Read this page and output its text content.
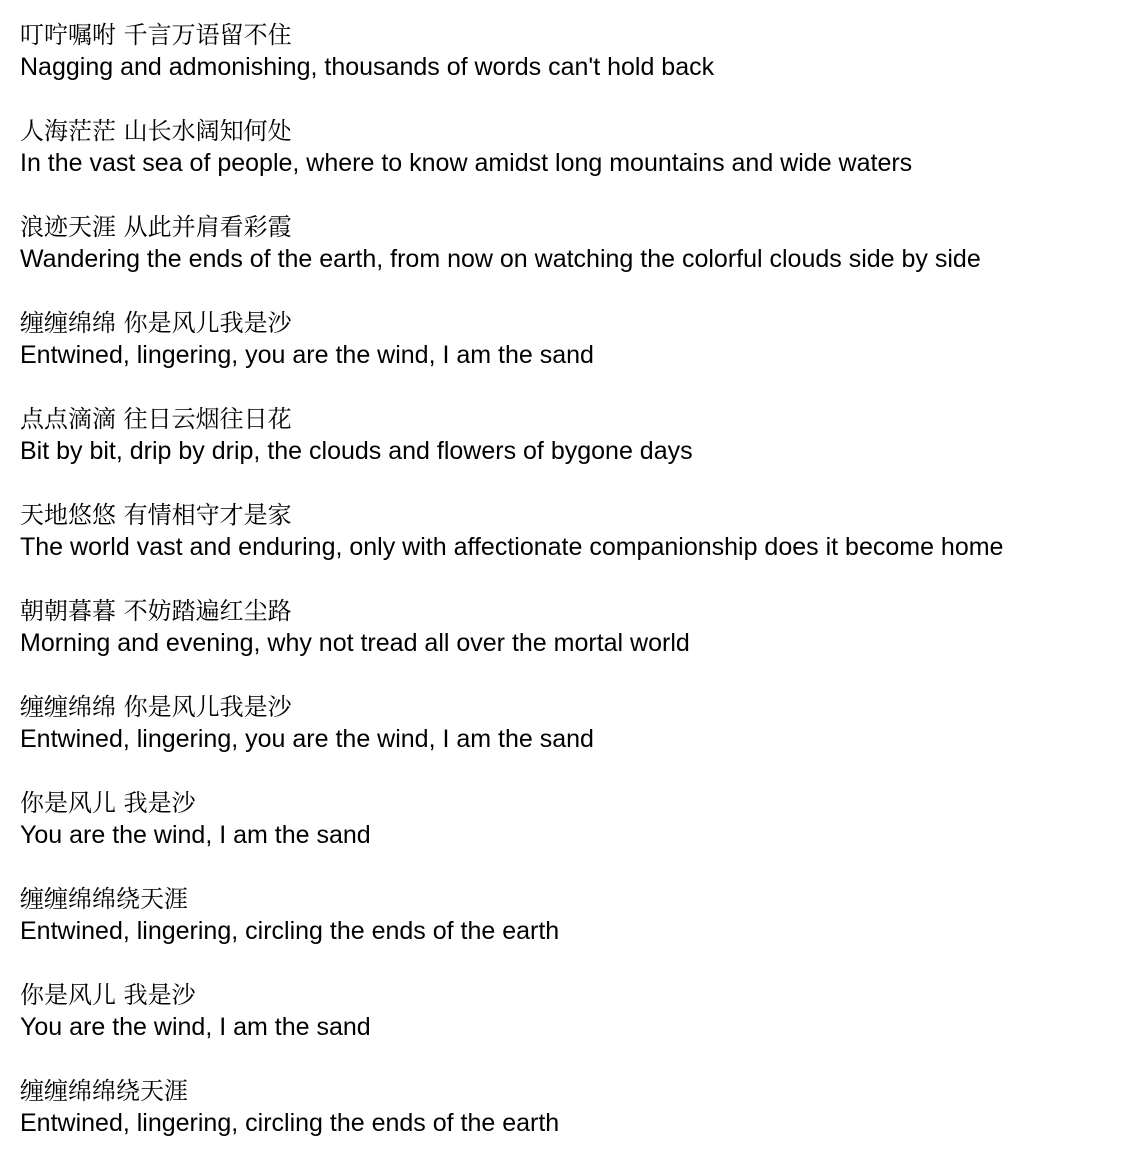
叮咛嘱咐 千言万语留不住
Nagging and admonishing, thousands of words can't hold back
人海茫茫 山长水阔知何处
In the vast sea of people, where to know amidst long mountains and wide waters
浪迹天涯 从此并肩看彩霞
Wandering the ends of the earth, from now on watching the colorful clouds side by side
缠缠绵绵 你是风儿我是沙
Entwined, lingering, you are the wind, I am the sand
点点滴滴 往日云烟往日花
Bit by bit, drip by drip, the clouds and flowers of bygone days
天地悠悠 有情相守才是家
The world vast and enduring, only with affectionate companionship does it become home
朝朝暮暮 不妨踏遍红尘路
Morning and evening, why not tread all over the mortal world
缠缠绵绵 你是风儿我是沙
Entwined, lingering, you are the wind, I am the sand
你是风儿 我是沙
You are the wind, I am the sand
缠缠绵绵绕天涯
Entwined, lingering, circling the ends of the earth
你是风儿 我是沙
You are the wind, I am the sand
缠缠绵绵绕天涯
Entwined, lingering, circling the ends of the earth
